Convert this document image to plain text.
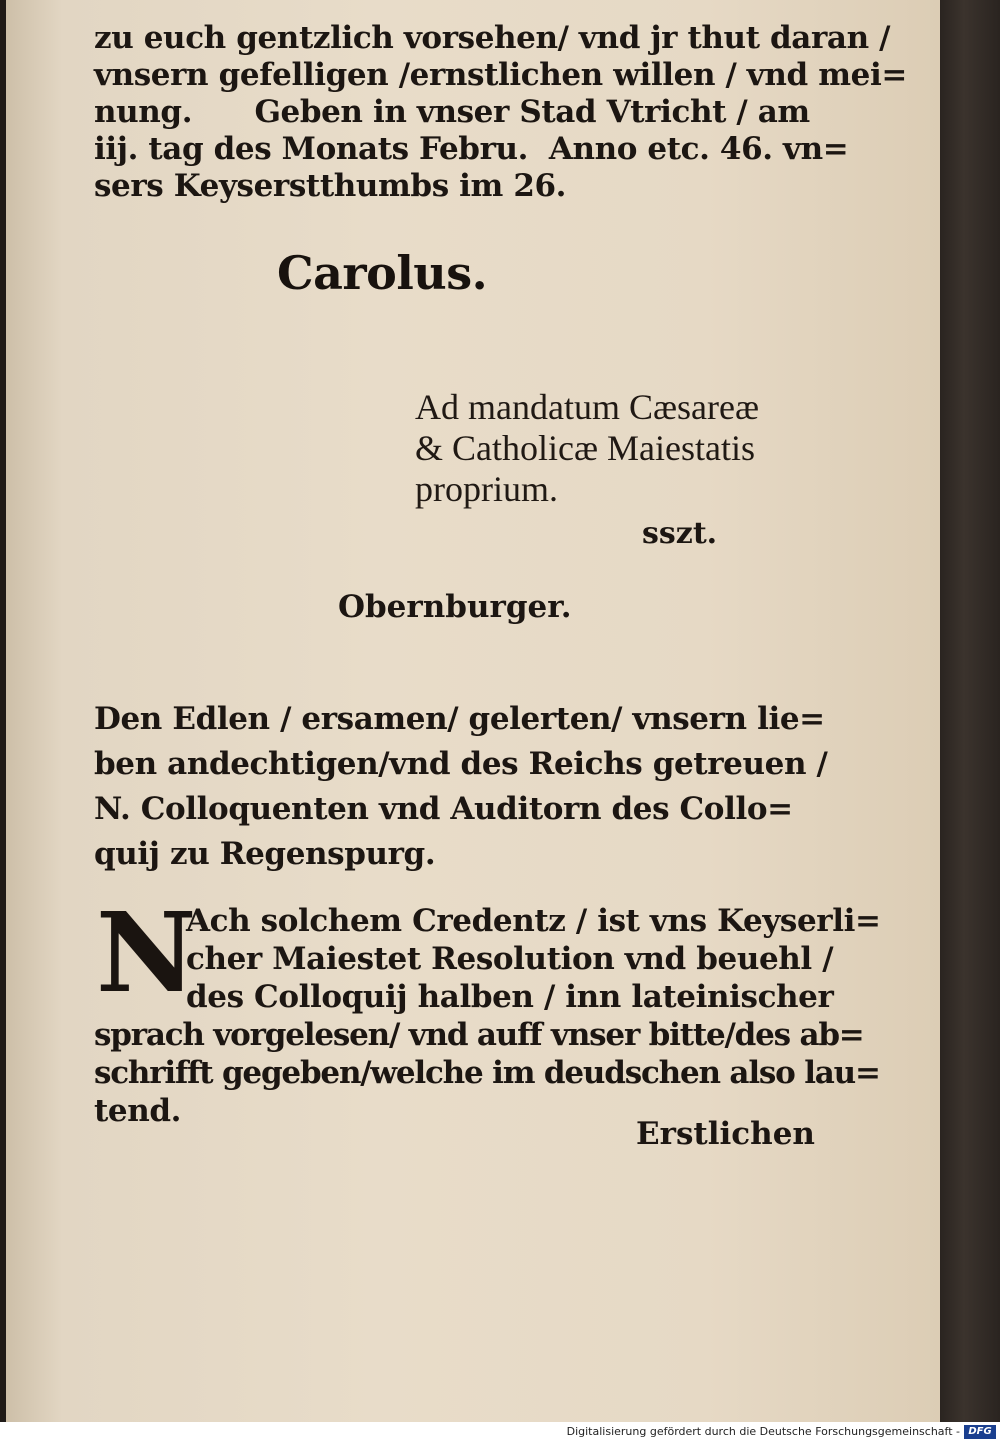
zu euch gentzlich vorsehen/ vnd jr thut daran /
vnsern gefelligen /ernstlichen willen / vnd mei=
nung.      Geben in vnser Stad Vtricht / am
iij. tag des Monats Febru.  Anno etc. 46. vn=
sers Keyserstthumbs im 26.
Carolus.
Ad mandatum Cæsareæ
& Catholicæ Maiestatis
proprium.
sszt.
Obernburger.
Den Edlen / ersamen/ gelerten/ vnsern lie=
ben andechtigen/vnd des Reichs getreuen /
N. Colloquenten vnd Auditorn des Collo=
quij zu Regenspurg.
N
Ach solchem Credentz / ist vns Keyserli=
cher Maiestet Resolution vnd beuehl /
des Colloquij halben / inn lateinischer
sprach vorgelesen/ vnd auff vnser bitte/des ab=
schrifft gegeben/welche im deudschen also lau=
tend.
Erstlichen
Digitalisierung gefördert durch die Deutsche Forschungsgemeinschaft - DFG
